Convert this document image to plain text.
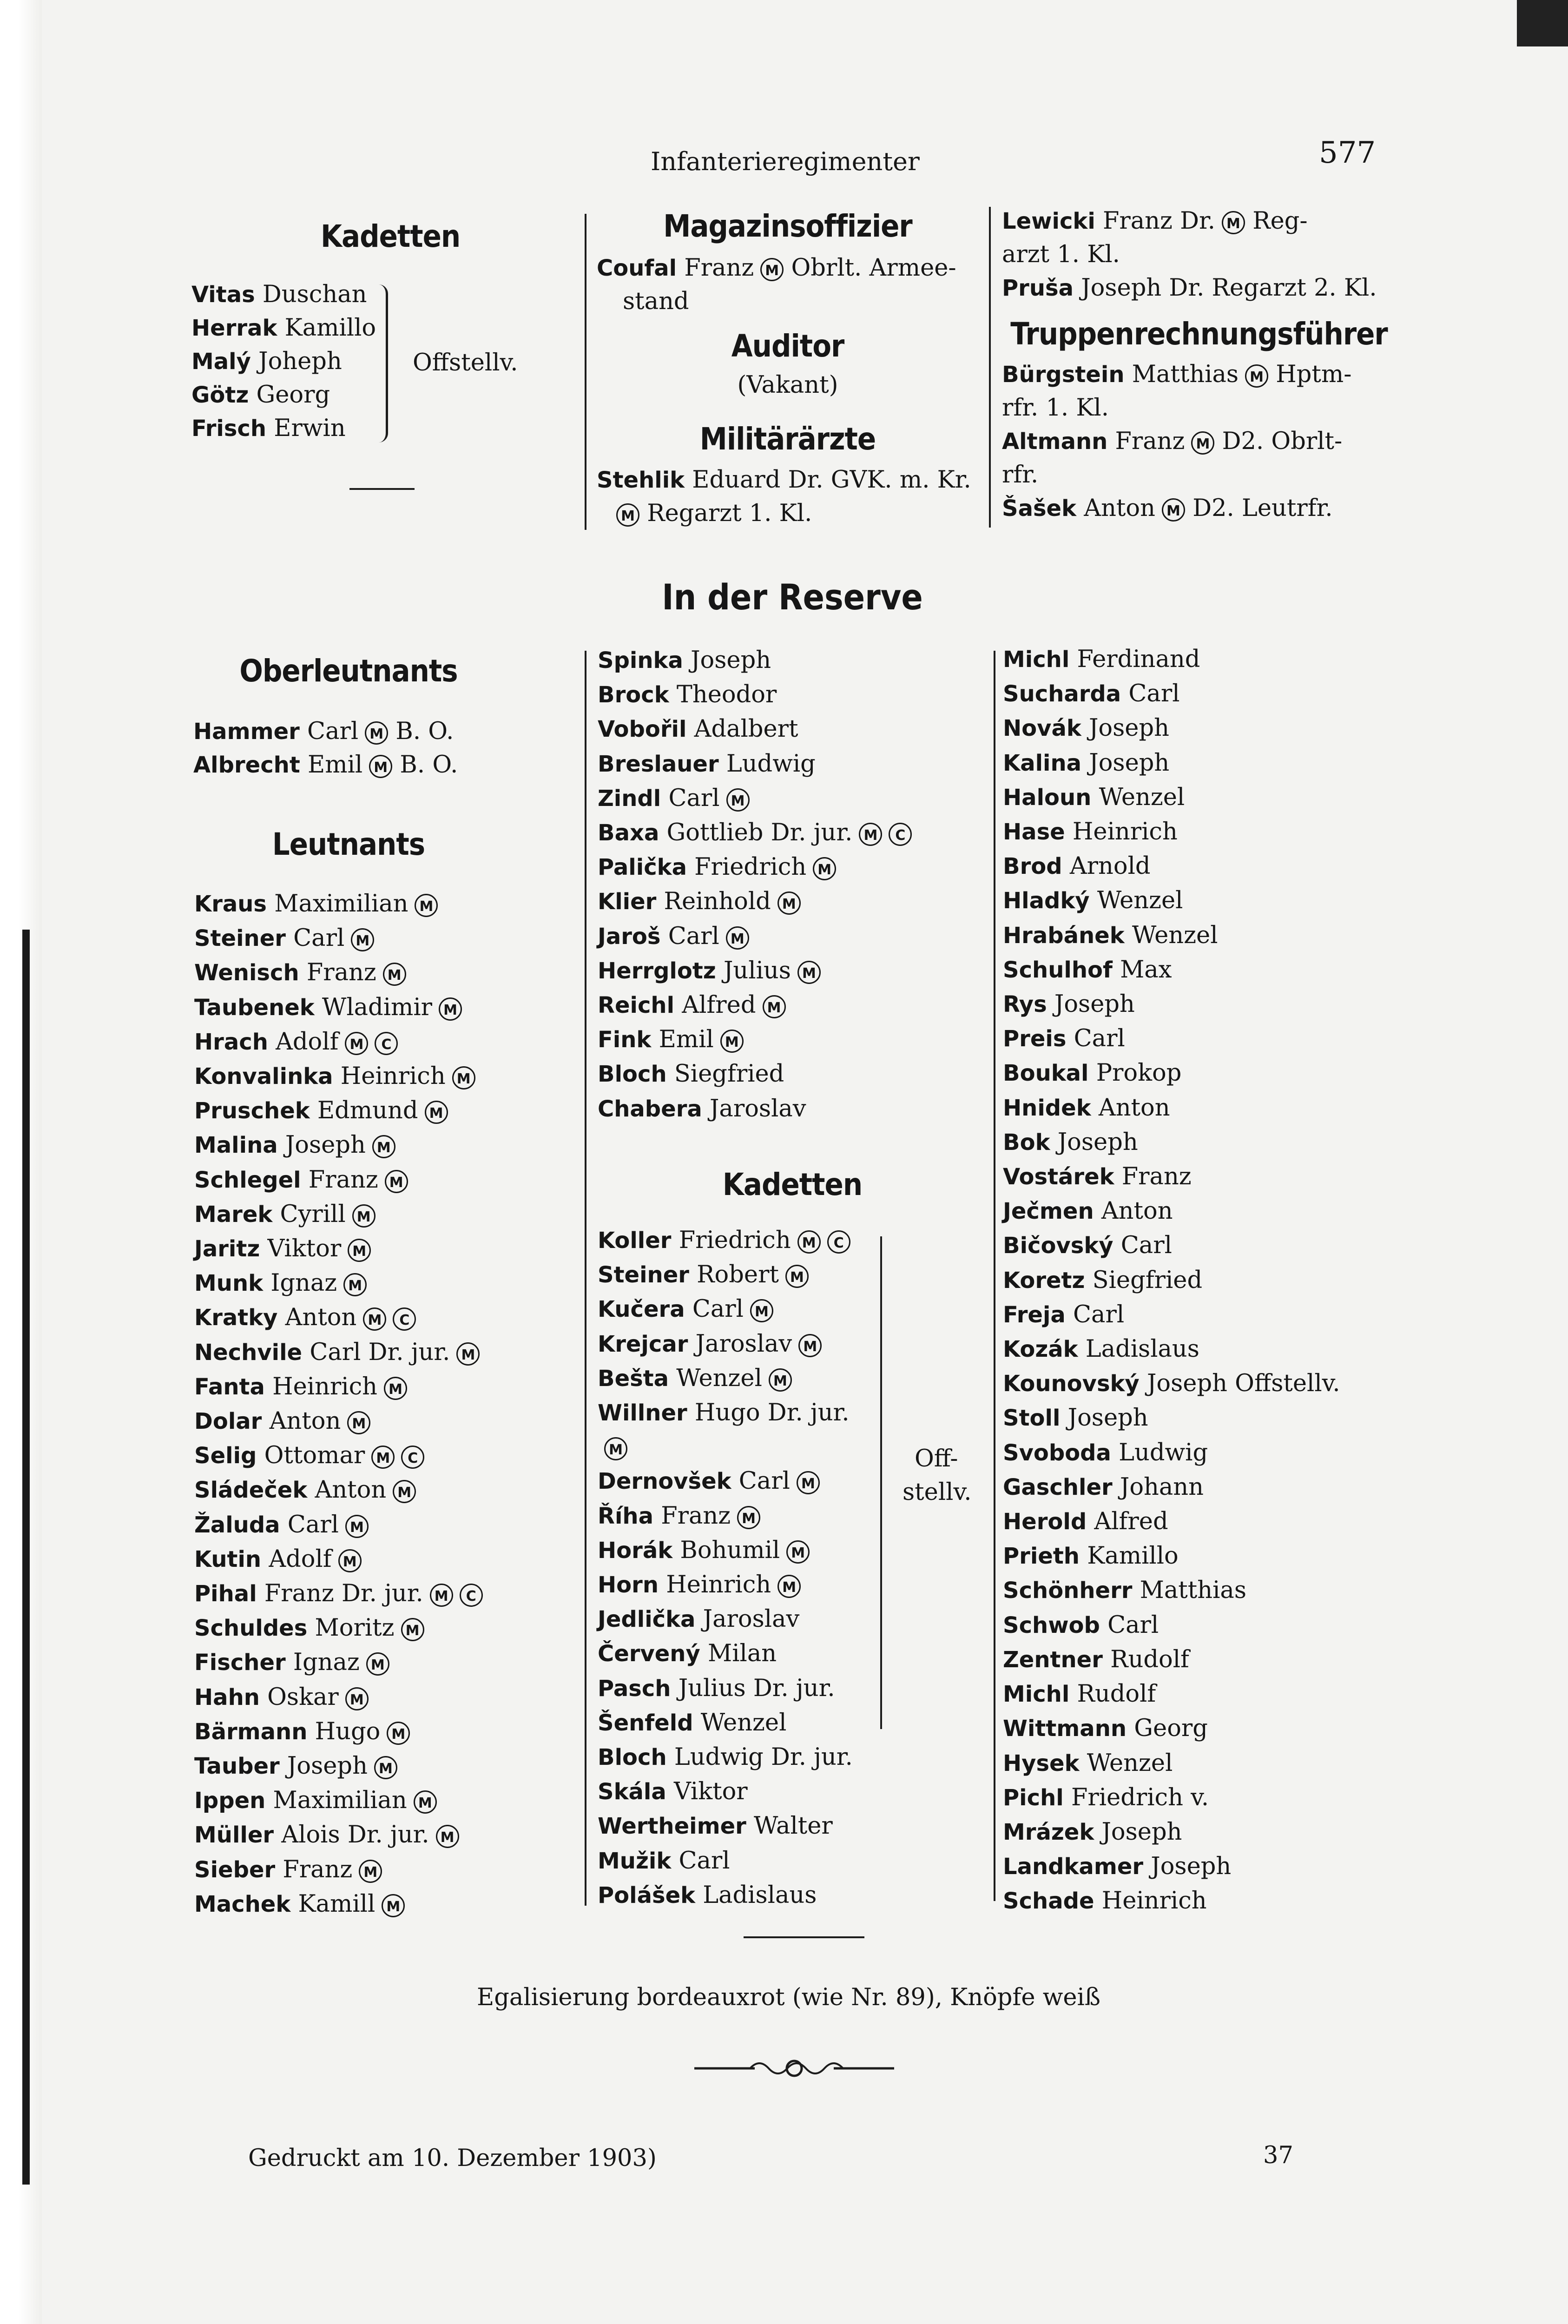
Infanterieregimenter	577
Kadetten
Vitas Duschan
Herrak Kamillo
Malý Joheph
Götz Georg
Frisch Erwin
Offstellv.
Oberleutnants
Hammer Carl M B. O.
Albrecht Emil M B. O.
Leutnants
Kraus Maximilian M
Steiner Carl M
Wenisch Franz M
Taubenek Wladimir M
Hrach Adolf M C
Konvalinka Heinrich M
Pruschek Edmund M
Malina Joseph M
Schlegel Franz M
Marek Cyrill M
Jaritz Viktor M
Munk Ignaz M
Kratky Anton M C
Nechvile Carl Dr. jur. M
Fanta Heinrich M
Dolar Anton M
Selig Ottomar M C
Sládeček Anton M
Žaluda Carl M
Kutin Adolf M
Pihal Franz Dr. jur. M C
Schuldes Moritz M
Fischer Ignaz M
Hahn Oskar M
Bärmann Hugo M
Tauber Joseph M
Ippen Maximilian M
Müller Alois Dr. jur. M
Sieber Franz M
Machek Kamill M
Magazinsoffizier
Coufal Franz M Obrlt. Armee-
stand
Auditor
(Vakant)
Militärärzte
Stehlik Eduard Dr. GVK. m. Kr.
M Regarzt 1. Kl.
In der Reserve
Spinka Joseph
Brock Theodor
Vobořil Adalbert
Breslauer Ludwig
Zindl Carl M
Baxa Gottlieb Dr. jur. M C
Palička Friedrich M
Klier Reinhold M
Jaroš Carl M
Herrglotz Julius M
Reichl Alfred M
Fink Emil M
Bloch Siegfried
Chabera Jaroslav
Kadetten
Koller Friedrich M C
Steiner Robert M
Kučera Carl M
Krejcar Jaroslav M
Bešta Wenzel M
Willner Hugo Dr. jur.
M
Dernovšek Carl M
Říha Franz M
Horák Bohumil M
Horn Heinrich M
Jedlička Jaroslav
Červený Milan
Pasch Julius Dr. jur.
Šenfeld Wenzel
Bloch Ludwig Dr. jur.
Skála Viktor
Wertheimer Walter
Mužik Carl
Polášek Ladislaus
Off-
stellv.
Lewicki Franz Dr. M Reg-
arzt 1. Kl.
Pruša Joseph Dr. Regarzt 2. Kl.
Truppenrechnungsführer
Bürgstein Matthias M Hptm-
rfr. 1. Kl.
Altmann Franz M D2. Obrlt-
rfr.
Šašek Anton M D2. Leutrfr.
Michl Ferdinand
Sucharda Carl
Novák Joseph
Kalina Joseph
Haloun Wenzel
Hase Heinrich
Brod Arnold
Hladký Wenzel
Hrabánek Wenzel
Schulhof Max
Rys Joseph
Preis Carl
Boukal Prokop
Hnidek Anton
Bok Joseph
Vostárek Franz
Ječmen Anton
Bičovský Carl
Koretz Siegfried
Freja Carl
Kozák Ladislaus
Kounovský Joseph Offstellv.
Stoll Joseph
Svoboda Ludwig
Gaschler Johann
Herold Alfred
Prieth Kamillo
Schönherr Matthias
Schwob Carl
Zentner Rudolf
Michl Rudolf
Wittmann Georg
Hysek Wenzel
Pichl Friedrich v.
Mrázek Joseph
Landkamer Joseph
Schade Heinrich
Egalisierung bordeauxrot (wie Nr. 89), Knöpfe weiß
Gedruckt am 10. Dezember 1903)	37
